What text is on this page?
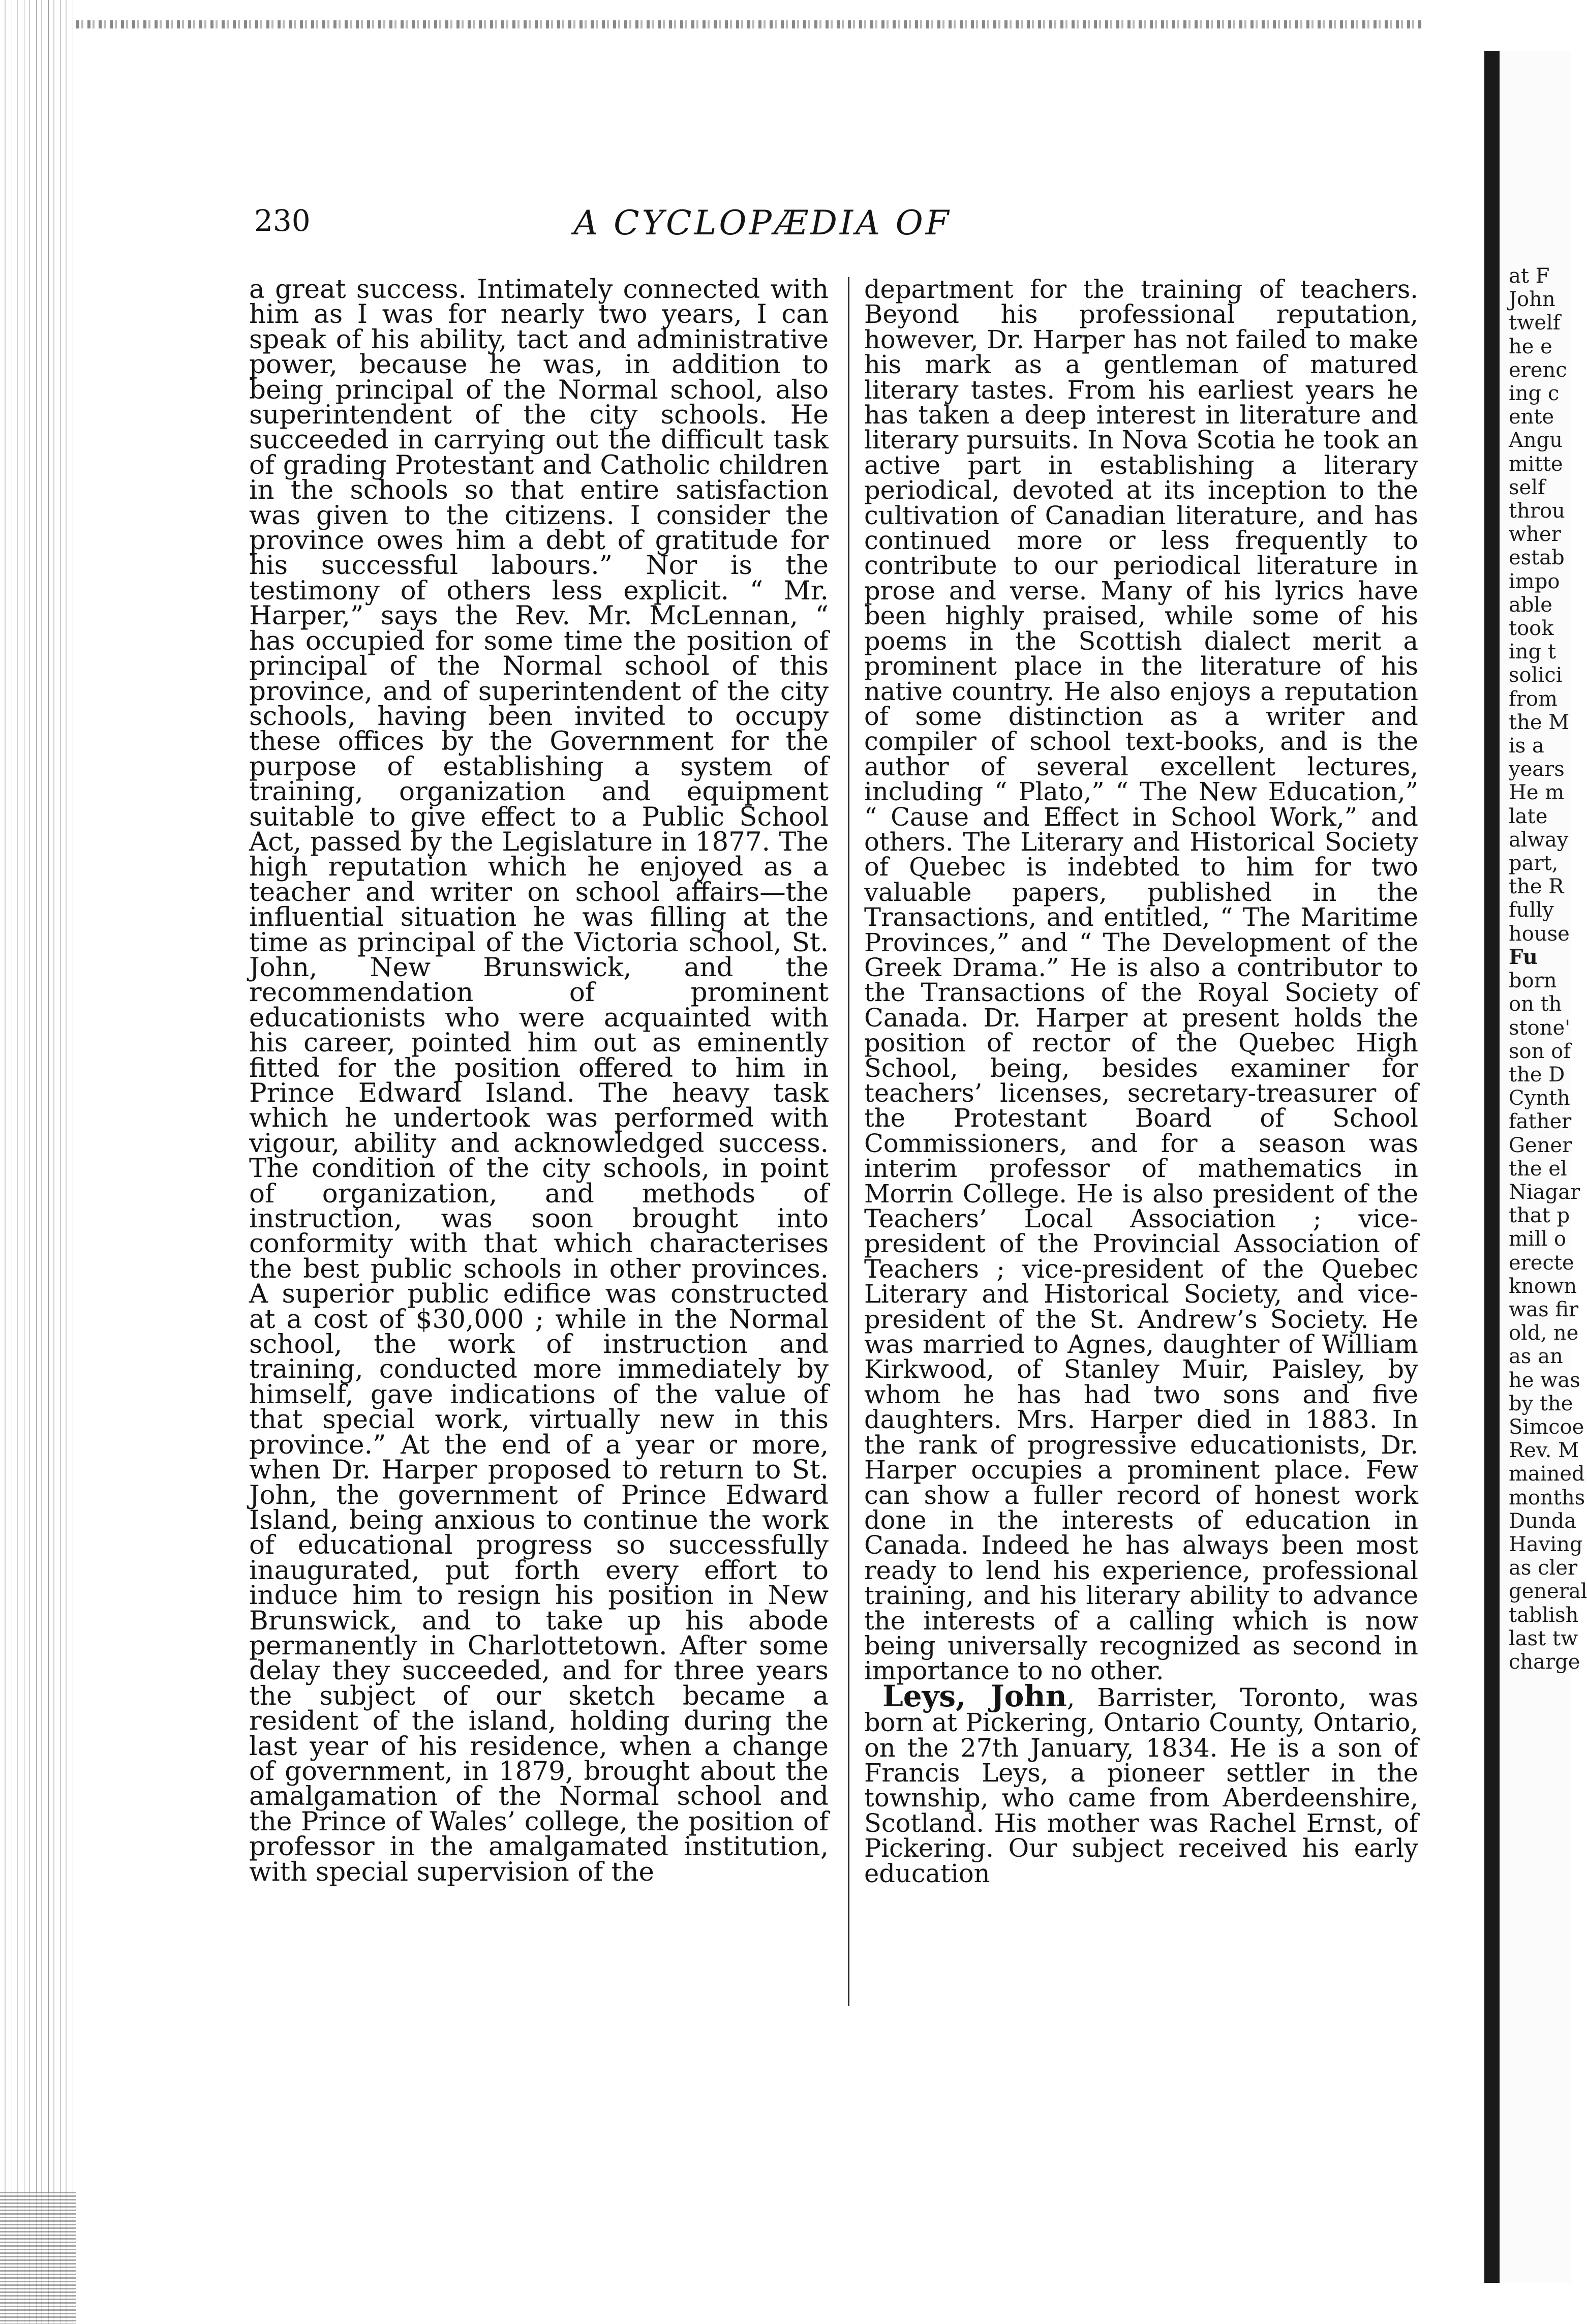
230	A CYCLOPÆDIA OF

a great success. Intimately connected with him as I was for nearly two years, I can speak of his ability, tact and administrative power, because he was, in addition to being principal of the Normal school, also superintendent of the city schools. He succeeded in carrying out the difficult task of grading Protestant and Catholic children in the schools so that entire satisfaction was given to the citizens. I consider the province owes him a debt of gratitude for his successful labours.” Nor is the testimony of others less explicit. “ Mr. Harper,” says the Rev. Mr. McLennan, “ has occupied for some time the position of principal of the Normal school of this province, and of superintendent of the city schools, having been invited to occupy these offices by the Government for the purpose of establishing a system of training, organization and equipment suitable to give effect to a Public School Act, passed by the Legislature in 1877. The high reputation which he enjoyed as a teacher and writer on school affairs—the influential situation he was filling at the time as principal of the Victoria school, St. John, New Brunswick, and the recommendation of prominent educationists who were acquainted with his career, pointed him out as eminently fitted for the position offered to him in Prince Edward Island. The heavy task which he undertook was performed with vigour, ability and acknowledged success. The condition of the city schools, in point of organization, and methods of instruction, was soon brought into conformity with that which characterises the best public schools in other provinces. A superior public edifice was constructed at a cost of $30,000 ; while in the Normal school, the work of instruction and training, conducted more immediately by himself, gave indications of the value of that special work, virtually new in this province.” At the end of a year or more, when Dr. Harper proposed to return to St. John, the government of Prince Edward Island, being anxious to continue the work of educational progress so successfully inaugurated, put forth every effort to induce him to resign his position in New Brunswick, and to take up his abode permanently in Charlottetown. After some delay they succeeded, and for three years the subject of our sketch became a resident of the island, holding during the last year of his residence, when a change of government, in 1879, brought about the amalgamation of the Normal school and the Prince of Wales’ college, the position of professor in the amalgamated institution, with special supervision of the

department for the training of teachers. Beyond his professional reputation, however, Dr. Harper has not failed to make his mark as a gentleman of matured literary tastes. From his earliest years he has taken a deep interest in literature and literary pursuits. In Nova Scotia he took an active part in establishing a literary periodical, devoted at its inception to the cultivation of Canadian literature, and has continued more or less frequently to contribute to our periodical literature in prose and verse. Many of his lyrics have been highly praised, while some of his poems in the Scottish dialect merit a prominent place in the literature of his native country. He also enjoys a reputation of some distinction as a writer and compiler of school text-books, and is the author of several excellent lectures, including “ Plato,” “ The New Education,” “ Cause and Effect in School Work,” and others. The Literary and Historical Society of Quebec is indebted to him for two valuable papers, published in the Transactions, and entitled, “ The Maritime Provinces,” and “ The Development of the Greek Drama.” He is also a contributor to the Transactions of the Royal Society of Canada. Dr. Harper at present holds the position of rector of the Quebec High School, being, besides examiner for teachers’ licenses, secretary-treasurer of the Protestant Board of School Commissioners, and for a season was interim professor of mathematics in Morrin College. He is also president of the Teachers’ Local Association ; vice-president of the Provincial Association of Teachers ; vice-president of the Quebec Literary and Historical Society, and vice-president of the St. Andrew’s Society. He was married to Agnes, daughter of William Kirkwood, of Stanley Muir, Paisley, by whom he has had two sons and five daughters. Mrs. Harper died in 1883. In the rank of progressive educationists, Dr. Harper occupies a prominent place. Few can show a fuller record of honest work done in the interests of education in Canada. Indeed he has always been most ready to lend his experience, professional training, and his literary ability to advance the interests of a calling which is now being universally recognized as second in importance to no other.

Leys, John, Barrister, Toronto, was born at Pickering, Ontario County, Ontario, on the 27th January, 1834. He is a son of Francis Leys, a pioneer settler in the township, who came from Aberdeenshire, Scotland. His mother was Rachel Ernst, of Pickering. Our subject received his early education

at F
John
twelf
he e
erenc
ing c
ente
Angu
mitte
self
throu
wher
estab
impo
able
took
ing t
solici
from
the M
is a
years
He m
late
alway
part,
the R
fully
house
Fu
born
on th
stone'
son of
the D
Cynth
father
Gener
the el
Niagar
that p
mill o
erecte
known
was fir
old, ne
as an
he was
by the
Simcoe
Rev. M
mained
months
Dunda
Having
as cler
general
tablish
last tw
charge
